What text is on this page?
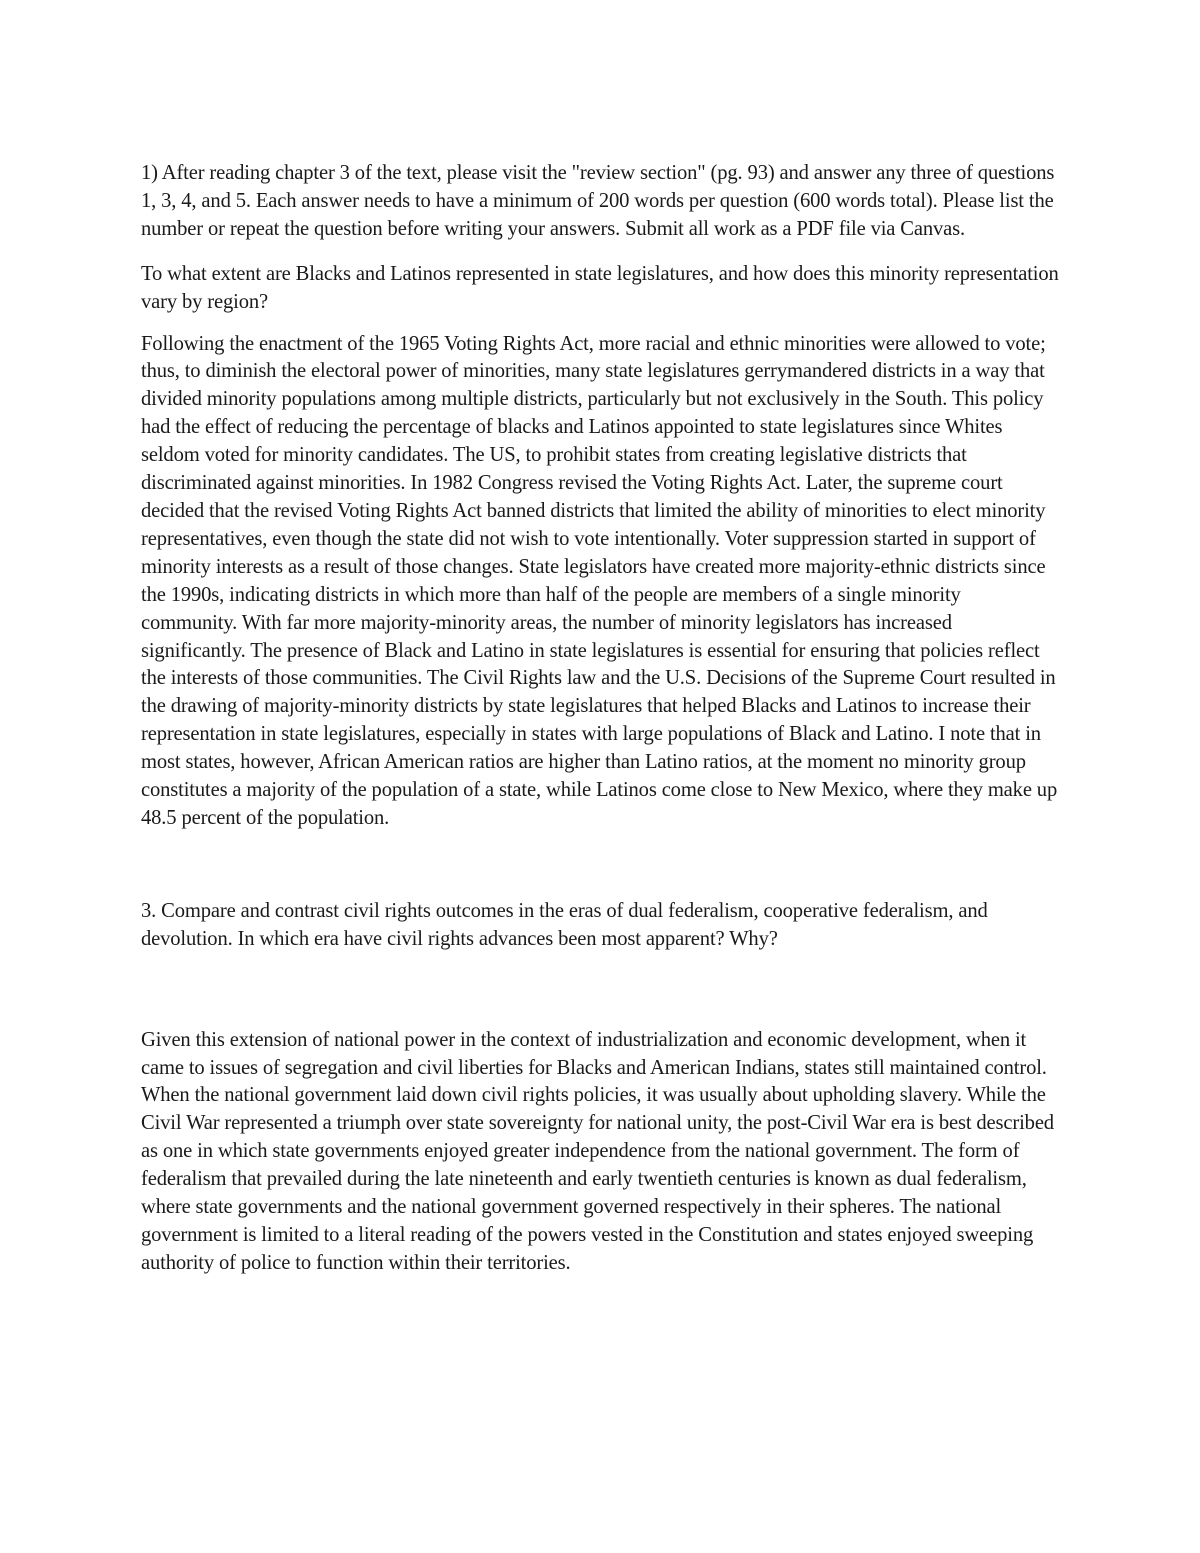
1) After reading chapter 3 of the text, please visit the "review section" (pg. 93) and answer any three of questions 1, 3, 4, and 5. Each answer needs to have a minimum of 200 words per question (600 words total). Please list the number or repeat the question before writing your answers. Submit all work as a PDF file via Canvas.

To what extent are Blacks and Latinos represented in state legislatures, and how does this minority representation vary by region?

Following the enactment of the 1965 Voting Rights Act, more racial and ethnic minorities were allowed to vote; thus, to diminish the electoral power of minorities, many state legislatures gerrymandered districts in a way that divided minority populations among multiple districts, particularly but not exclusively in the South. This policy had the effect of reducing the percentage of blacks and Latinos appointed to state legislatures since Whites seldom voted for minority candidates. The US, to prohibit states from creating legislative districts that discriminated against minorities. In 1982 Congress revised the Voting Rights Act. Later, the supreme court decided that the revised Voting Rights Act banned districts that limited the ability of minorities to elect minority representatives, even though the state did not wish to vote intentionally. Voter suppression started in support of minority interests as a result of those changes. State legislators have created more majority-ethnic districts since the 1990s, indicating districts in which more than half of the people are members of a single minority community. With far more majority-minority areas, the number of minority legislators has increased significantly. The presence of Black and Latino in state legislatures is essential for ensuring that policies reflect the interests of those communities. The Civil Rights law and the U.S. Decisions of the Supreme Court resulted in the drawing of majority-minority districts by state legislatures that helped Blacks and Latinos to increase their representation in state legislatures, especially in states with large populations of Black and Latino. I note that in most states, however, African American ratios are higher than Latino ratios, at the moment no minority group constitutes a majority of the population of a state, while Latinos come close to New Mexico, where they make up 48.5 percent of the population.

3. Compare and contrast civil rights outcomes in the eras of dual federalism, cooperative federalism, and devolution. In which era have civil rights advances been most apparent? Why?

Given this extension of national power in the context of industrialization and economic development, when it came to issues of segregation and civil liberties for Blacks and American Indians, states still maintained control. When the national government laid down civil rights policies, it was usually about upholding slavery. While the Civil War represented a triumph over state sovereignty for national unity, the post-Civil War era is best described as one in which state governments enjoyed greater independence from the national government. The form of federalism that prevailed during the late nineteenth and early twentieth centuries is known as dual federalism, where state governments and the national government governed respectively in their spheres. The national government is limited to a literal reading of the powers vested in the Constitution and states enjoyed sweeping authority of police to function within their territories.
